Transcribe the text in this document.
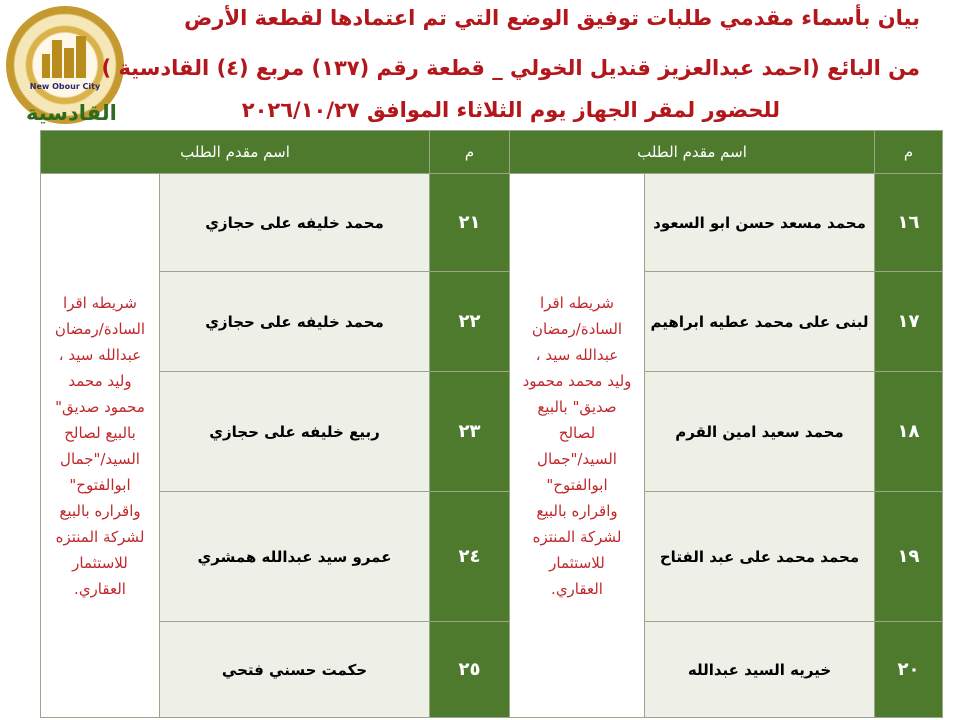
New Obour City
بيان بأسماء مقدمي طلبات توفيق الوضع التي تم اعتمادها لقطعة الأرض
من البائع (احمد عبدالعزيز قنديل الخولي _ قطعة رقم (١٣٧) مربع (٤) القادسية )
للحضور لمقر الجهاز يوم الثلاثاء الموافق ٢٠٢٦/١٠/٢٧
القادسية
م	اسم مقدم الطلب		م	اسم مقدم الطلب	
١٦	محمد مسعد حسن ابو السعود	شريطه اقرا السادة/رمضان عبدالله سيد ، وليد محمد محمود صديق" بالبيع لصالح السيد/"جمال ابوالفتوح" واقراره بالبيع لشركة المنتزه للاستثمار العقاري.	٢١	محمد خليفه على حجازي	شريطه اقرا السادة/رمضان عبدالله سيد ، وليد محمد محمود صديق" بالبيع لصالح السيد/"جمال ابوالفتوح" واقراره بالبيع لشركة المنتزه للاستثمار العقاري.
١٧	لبنى على محمد عطيه ابراهيم		٢٢	محمد خليفه على حجازي	
١٨	محمد سعيد امين القرم		٢٣	ربيع خليفه على حجازي	
١٩	محمد محمد على عبد الفتاح		٢٤	عمرو سيد عبدالله همشري	
٢٠	خيريه السيد عبدالله		٢٥	حكمت حسني فتحي	
